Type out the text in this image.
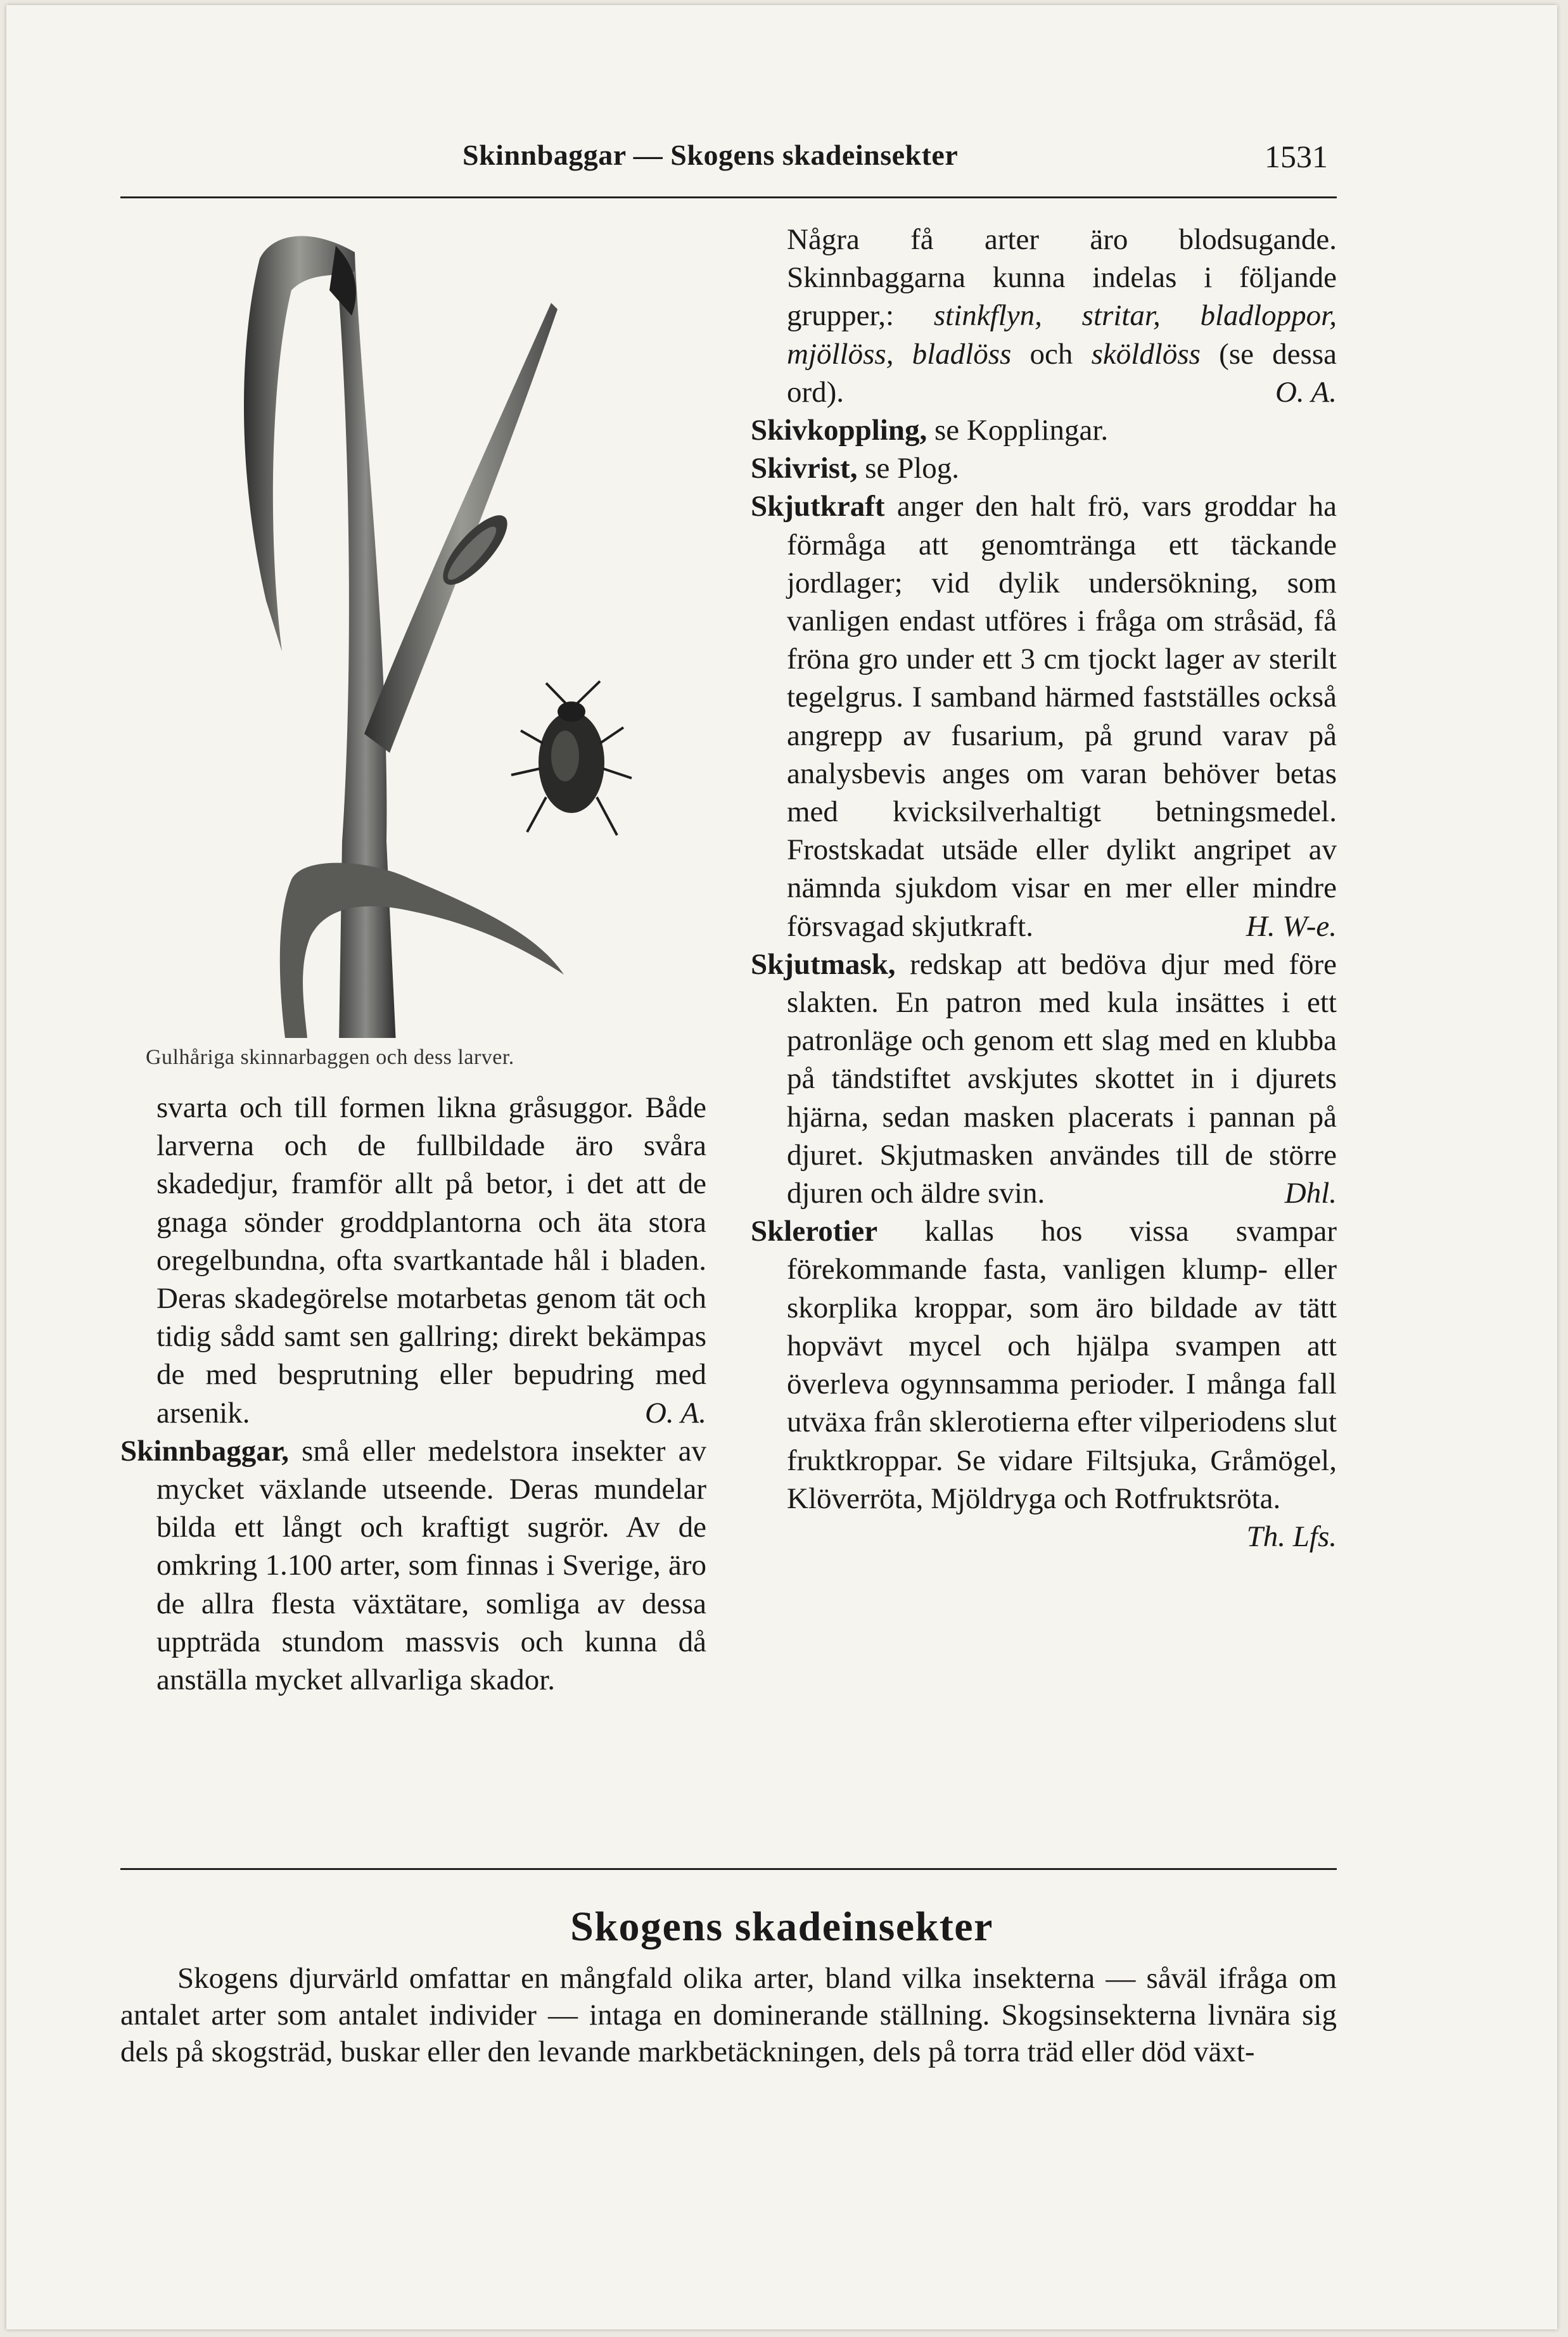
Skinnbaggar — Skogens skadeinsekter	1531
Gulhåriga skinnarbaggen och dess larver.

svarta och till formen likna gråsuggor. Både larverna och de fullbildade äro svåra skadedjur, framför allt på betor, i det att de gnaga sönder groddplantorna och äta stora oregelbundna, ofta svartkantade hål i bladen. Deras skadegörelse motarbetas genom tät och tidig sådd samt sen gallring; direkt bekämpas de med besprutning eller bepudring med arsenik.	O. A.

Skinnbaggar, små eller medelstora insekter av mycket växlande utseende. Deras mundelar bilda ett långt och kraftigt sugrör. Av de omkring 1.100 arter, som finnas i Sverige, äro de allra flesta växtätare, somliga av dessa uppträda stundom massvis och kunna då anställa mycket allvarliga skador.

Några få arter äro blodsugande. Skinnbaggarna kunna indelas i följande grupper,: stinkflyn, stritar, bladloppor, mjöllöss, bladlöss och sköldlöss (se dessa ord).	O. A.

Skivkoppling, se Kopplingar.

Skivrist, se Plog.

Skjutkraft anger den halt frö, vars groddar ha förmåga att genomtränga ett täckande jordlager; vid dylik undersökning, som vanligen endast utföres i fråga om stråsäd, få fröna gro under ett 3 cm tjockt lager av sterilt tegelgrus. I samband härmed fastställes också angrepp av fusarium, på grund varav på analysbevis anges om varan behöver betas med kvicksilverhaltigt betningsmedel. Frostskadat utsäde eller dylikt angripet av nämnda sjukdom visar en mer eller mindre försvagad skjutkraft.	H. W-e.

Skjutmask, redskap att bedöva djur med före slakten. En patron med kula insättes i ett patronläge och genom ett slag med en klubba på tändstiftet avskjutes skottet in i djurets hjärna, sedan masken placerats i pannan på djuret. Skjutmasken användes till de större djuren och äldre svin.	Dhl.

Sklerotier kallas hos vissa svampar förekommande fasta, vanligen klump- eller skorplika kroppar, som äro bildade av tätt hopvävt mycel och hjälpa svampen att överleva ogynnsamma perioder. I många fall utväxa från sklerotierna efter vilperiodens slut fruktkroppar. Se vidare Filtsjuka, Gråmögel, Klöverröta, Mjöldryga och Rotfruktsröta.
Th. Lfs.

Skogens skadeinsekter

Skogens djurvärld omfattar en mångfald olika arter, bland vilka insekterna — såväl ifråga om antalet arter som antalet individer — intaga en dominerande ställning. Skogsinsekterna livnära sig dels på skogsträd, buskar eller den levande markbetäckningen, dels på torra träd eller död växt-
